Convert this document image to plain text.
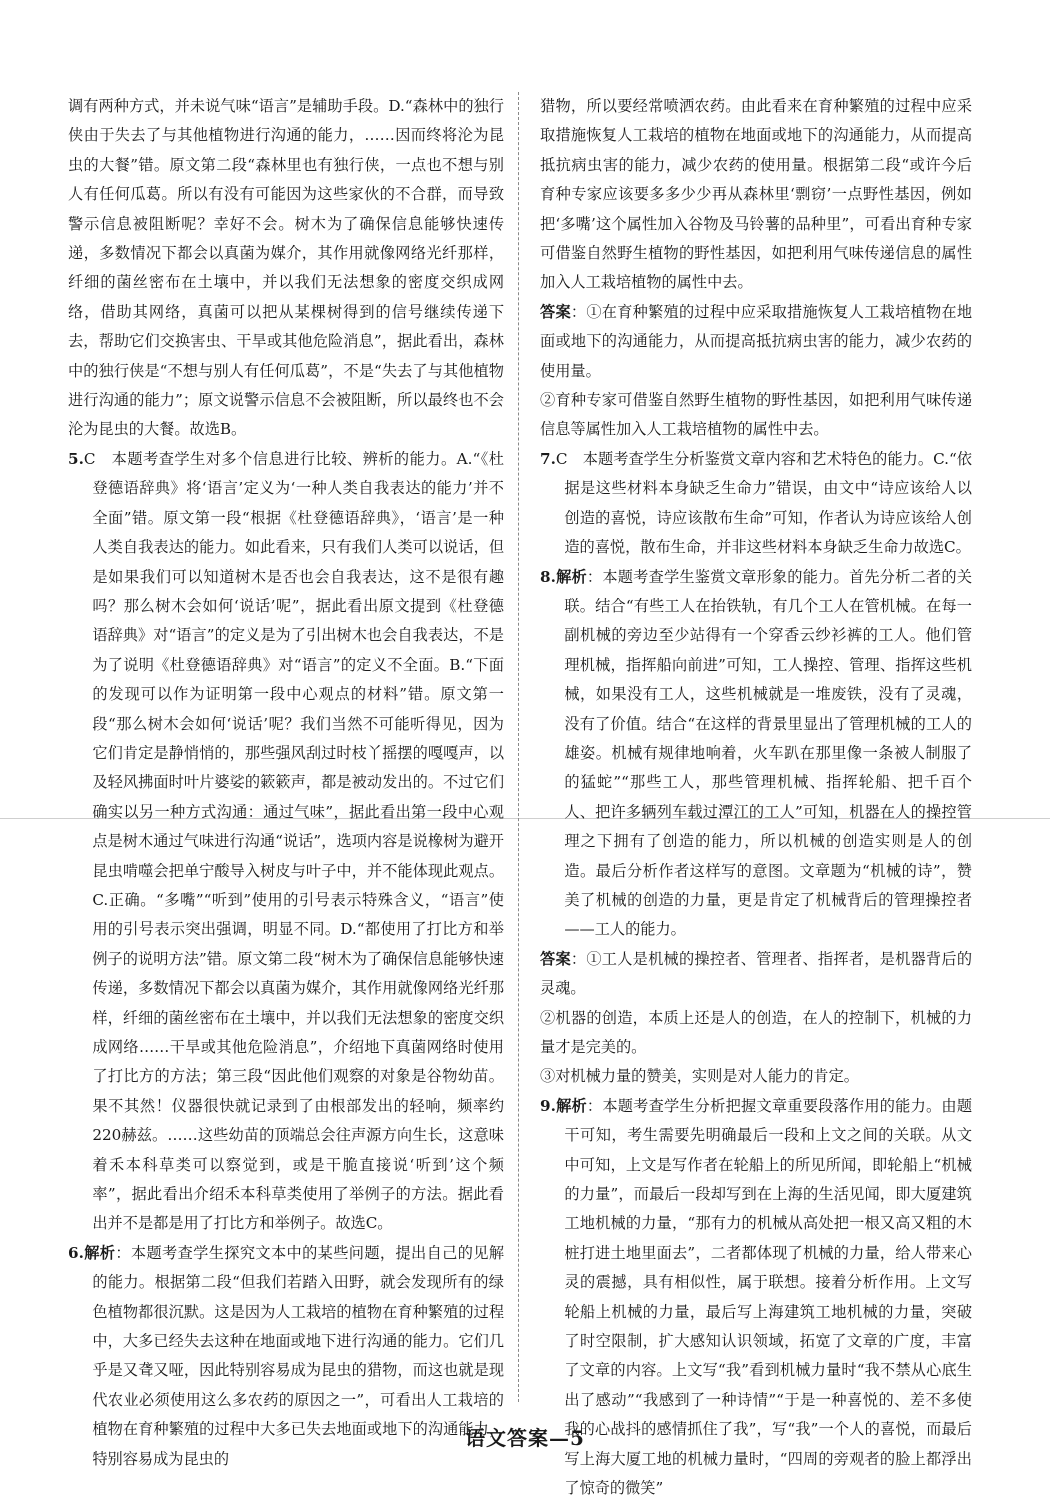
调有两种方式，并未说气味“语言”是辅助手段。D.“森林中的独行侠由于失去了与其他植物进行沟通的能力，……因而终将沦为昆虫的大餐”错。原文第二段“森林里也有独行侠，一点也不想与别人有任何瓜葛。所以有没有可能因为这些家伙的不合群，而导致警示信息被阻断呢？幸好不会。树木为了确保信息能够快速传递，多数情况下都会以真菌为媒介，其作用就像网络光纤那样，纤细的菌丝密布在土壤中，并以我们无法想象的密度交织成网络，借助其网络，真菌可以把从某棵树得到的信号继续传递下去，帮助它们交换害虫、干旱或其他危险消息”，据此看出，森林中的独行侠是“不想与别人有任何瓜葛”，不是“失去了与其他植物进行沟通的能力”；原文说警示信息不会被阻断，所以最终也不会沦为昆虫的大餐。故选B。

5.C　本题考查学生对多个信息进行比较、辨析的能力。A.“《杜登德语辞典》将‘语言’定义为‘一种人类自我表达的能力’并不全面”错。原文第一段“根据《杜登德语辞典》，‘语言’是一种人类自我表达的能力。如此看来，只有我们人类可以说话，但是如果我们可以知道树木是否也会自我表达，这不是很有趣吗？那么树木会如何‘说话’呢”，据此看出原文提到《杜登德语辞典》对“语言”的定义是为了引出树木也会自我表达，不是为了说明《杜登德语辞典》对“语言”的定义不全面。B.“下面的发现可以作为证明第一段中心观点的材料”错。原文第一段“那么树木会如何‘说话’呢？我们当然不可能听得见，因为它们肯定是静悄悄的，那些强风刮过时枝丫摇摆的嘎嘎声，以及轻风拂面时叶片婆娑的簌簌声，都是被动发出的。不过它们确实以另一种方式沟通：通过气味”，据此看出第一段中心观点是树木通过气味进行沟通“说话”，选项内容是说橡树为避开昆虫啃噬会把单宁酸导入树皮与叶子中，并不能体现此观点。C.正确。“多嘴”“听到”使用的引号表示特殊含义，“语言”使用的引号表示突出强调，明显不同。D.“都使用了打比方和举例子的说明方法”错。原文第二段“树木为了确保信息能够快速传递，多数情况下都会以真菌为媒介，其作用就像网络光纤那样，纤细的菌丝密布在土壤中，并以我们无法想象的密度交织成网络……干旱或其他危险消息”，介绍地下真菌网络时使用了打比方的方法；第三段“因此他们观察的对象是谷物幼苗。果不其然！仪器很快就记录到了由根部发出的轻响，频率约220赫兹。……这些幼苗的顶端总会往声源方向生长，这意味着禾本科草类可以察觉到，或是干脆直接说‘听到’这个频率”，据此看出介绍禾本科草类使用了举例子的方法。据此看出并不是都是用了打比方和举例子。故选C。

6.解析：本题考查学生探究文本中的某些问题，提出自己的见解的能力。根据第二段“但我们若踏入田野，就会发现所有的绿色植物都很沉默。这是因为人工栽培的植物在育种繁殖的过程中，大多已经失去这种在地面或地下进行沟通的能力。它们几乎是又聋又哑，因此特别容易成为昆虫的猎物，而这也就是现代农业必须使用这么多农药的原因之一”，可看出人工栽培的植物在育种繁殖的过程中大多已失去地面或地下的沟通能力，特别容易成为昆虫的

猎物，所以要经常喷洒农药。由此看来在育种繁殖的过程中应采取措施恢复人工栽培的植物在地面或地下的沟通能力，从而提高抵抗病虫害的能力，减少农药的使用量。根据第二段“或许今后育种专家应该要多多少少再从森林里‘剽窃’一点野性基因，例如把‘多嘴’这个属性加入谷物及马铃薯的品种里”，可看出育种专家可借鉴自然野生植物的野性基因，如把利用气味传递信息的属性加入人工栽培植物的属性中去。

答案：①在育种繁殖的过程中应采取措施恢复人工栽培植物在地面或地下的沟通能力，从而提高抵抗病虫害的能力，减少农药的使用量。

②育种专家可借鉴自然野生植物的野性基因，如把利用气味传递信息等属性加入人工栽培植物的属性中去。

7.C　本题考查学生分析鉴赏文章内容和艺术特色的能力。C.“依据是这些材料本身缺乏生命力”错误，由文中“诗应该给人以创造的喜悦，诗应该散布生命”可知，作者认为诗应该给人创造的喜悦，散布生命，并非这些材料本身缺乏生命力故选C。

8.解析：本题考查学生鉴赏文章形象的能力。首先分析二者的关联。结合“有些工人在抬铁轨，有几个工人在管机械。在每一副机械的旁边至少站得有一个穿香云纱衫裤的工人。他们管理机械，指挥船向前进”可知，工人操控、管理、指挥这些机械，如果没有工人，这些机械就是一堆废铁，没有了灵魂，没有了价值。结合“在这样的背景里显出了管理机械的工人的雄姿。机械有规律地响着，火车趴在那里像一条被人制服了的猛蛇”“那些工人，那些管理机械、指挥轮船、把千百个人、把许多辆列车载过潭江的工人”可知，机器在人的操控管理之下拥有了创造的能力，所以机械的创造实则是人的创造。最后分析作者这样写的意图。文章题为“机械的诗”，赞美了机械的创造的力量，更是肯定了机械背后的管理操控者——工人的能力。

答案：①工人是机械的操控者、管理者、指挥者，是机器背后的灵魂。

②机器的创造，本质上还是人的创造，在人的控制下，机械的力量才是完美的。

③对机械力量的赞美，实则是对人能力的肯定。

9.解析：本题考查学生分析把握文章重要段落作用的能力。由题干可知，考生需要先明确最后一段和上文之间的关联。从文中可知，上文是写作者在轮船上的所见所闻，即轮船上“机械的力量”，而最后一段却写到在上海的生活见闻，即大厦建筑工地机械的力量，“那有力的机械从高处把一根又高又粗的木桩打进土地里面去”，二者都体现了机械的力量，给人带来心灵的震撼，具有相似性，属于联想。接着分析作用。上文写轮船上机械的力量，最后写上海建筑工地机械的力量，突破了时空限制，扩大感知认识领域，拓宽了文章的广度，丰富了文章的内容。上文写“我”看到机械力量时“我不禁从心底生出了感动”“我感到了一种诗情”“于是一种喜悦的、差不多使我的心战抖的感情抓住了我”，写“我”一个人的喜悦，而最后写上海大厦工地的机械力量时，“四周的旁观者的脸上都浮出了惊奇的微笑”

语文答案—5
